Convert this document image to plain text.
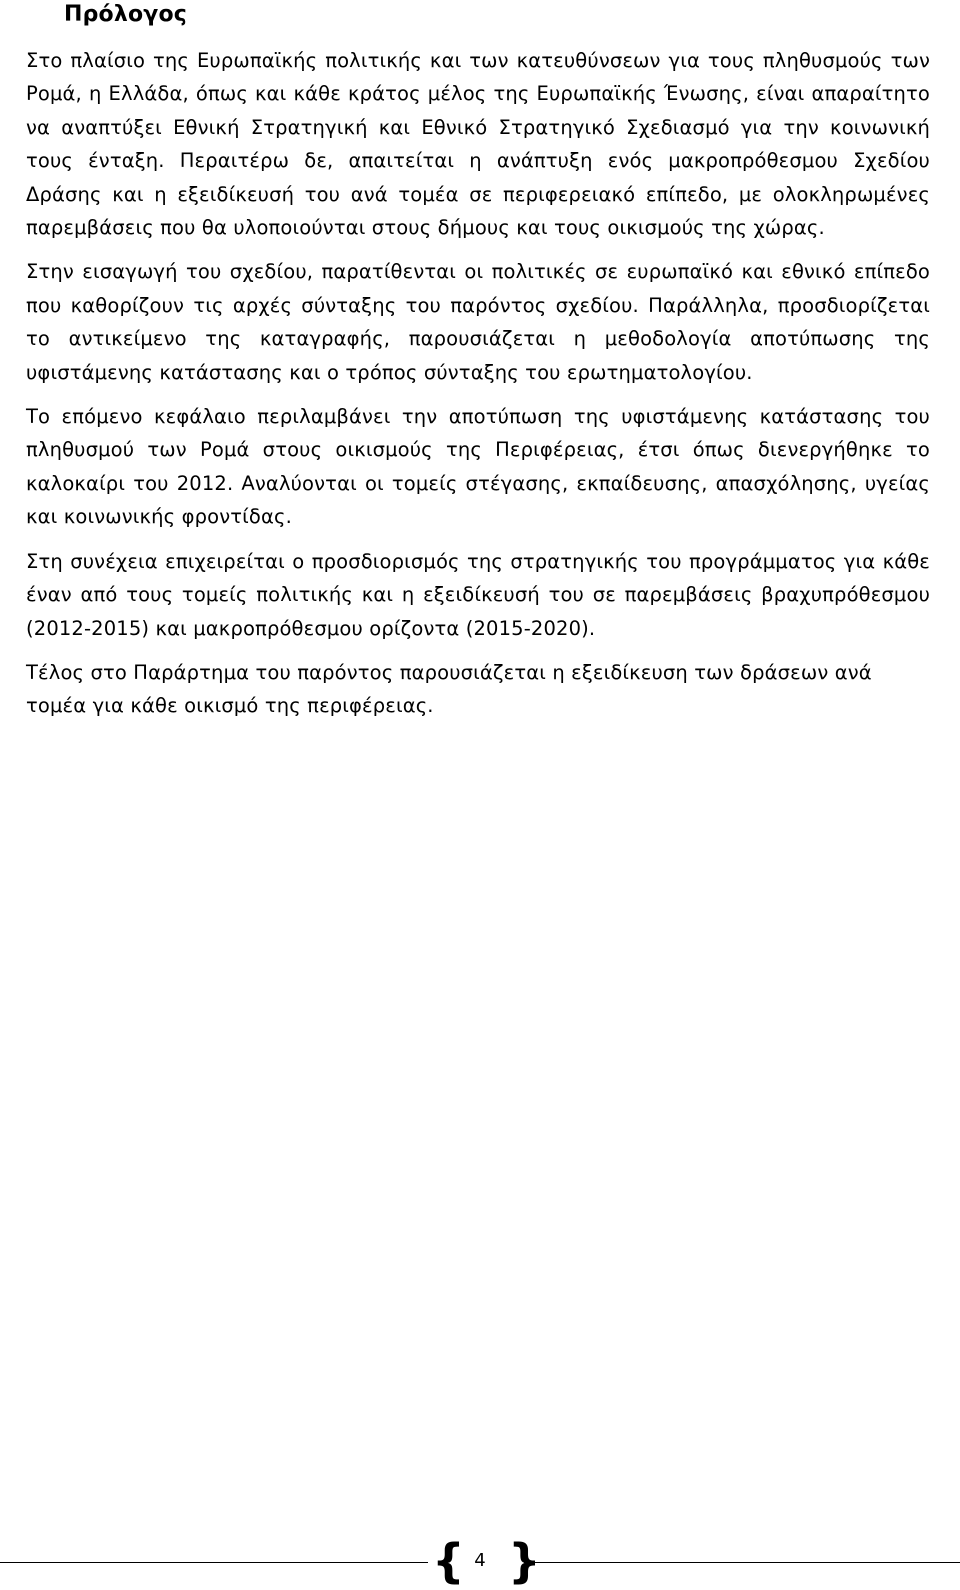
Πρόλογος

Στο πλαίσιο της Ευρωπαϊκής πολιτικής και των κατευθύνσεων για τους πληθυσμούς των Ρομά, η Ελλάδα, όπως και κάθε κράτος μέλος της Ευρωπαϊκής Ένωσης, είναι απαραίτητο να αναπτύξει Εθνική Στρατηγική και Εθνικό Στρατηγικό Σχεδιασμό για την κοινωνική τους ένταξη. Περαιτέρω δε, απαιτείται η ανάπτυξη ενός μακροπρόθεσμου Σχεδίου Δράσης και η εξειδίκευσή του ανά τομέα σε περιφερειακό επίπεδο, με ολοκληρωμένες παρεμβάσεις που θα υλοποιούνται στους δήμους και τους οικισμούς της χώρας.

Στην εισαγωγή του σχεδίου, παρατίθενται οι πολιτικές σε ευρωπαϊκό και εθνικό επίπεδο που καθορίζουν τις αρχές σύνταξης του παρόντος σχεδίου. Παράλληλα, προσδιορίζεται το αντικείμενο της καταγραφής, παρουσιάζεται η μεθοδολογία αποτύπωσης της υφιστάμενης κατάστασης και ο τρόπος σύνταξης του ερωτηματολογίου.

Το επόμενο κεφάλαιο περιλαμβάνει την αποτύπωση της υφιστάμενης κατάστασης του πληθυσμού των Ρομά στους οικισμούς της Περιφέρειας, έτσι όπως διενεργήθηκε το καλοκαίρι του 2012. Αναλύονται οι τομείς στέγασης, εκπαίδευσης, απασχόλησης, υγείας και κοινωνικής φροντίδας.

Στη συνέχεια επιχειρείται ο προσδιορισμός της στρατηγικής του προγράμματος για κάθε έναν από τους τομείς πολιτικής και η εξειδίκευσή του σε παρεμβάσεις βραχυπρόθεσμου (2012-2015) και μακροπρόθεσμου ορίζοντα (2015-2020).

Τέλος στο Παράρτημα του παρόντος παρουσιάζεται η εξειδίκευση των δράσεων ανά τομέα για κάθε οικισμό της περιφέρειας.

{ 4 }
